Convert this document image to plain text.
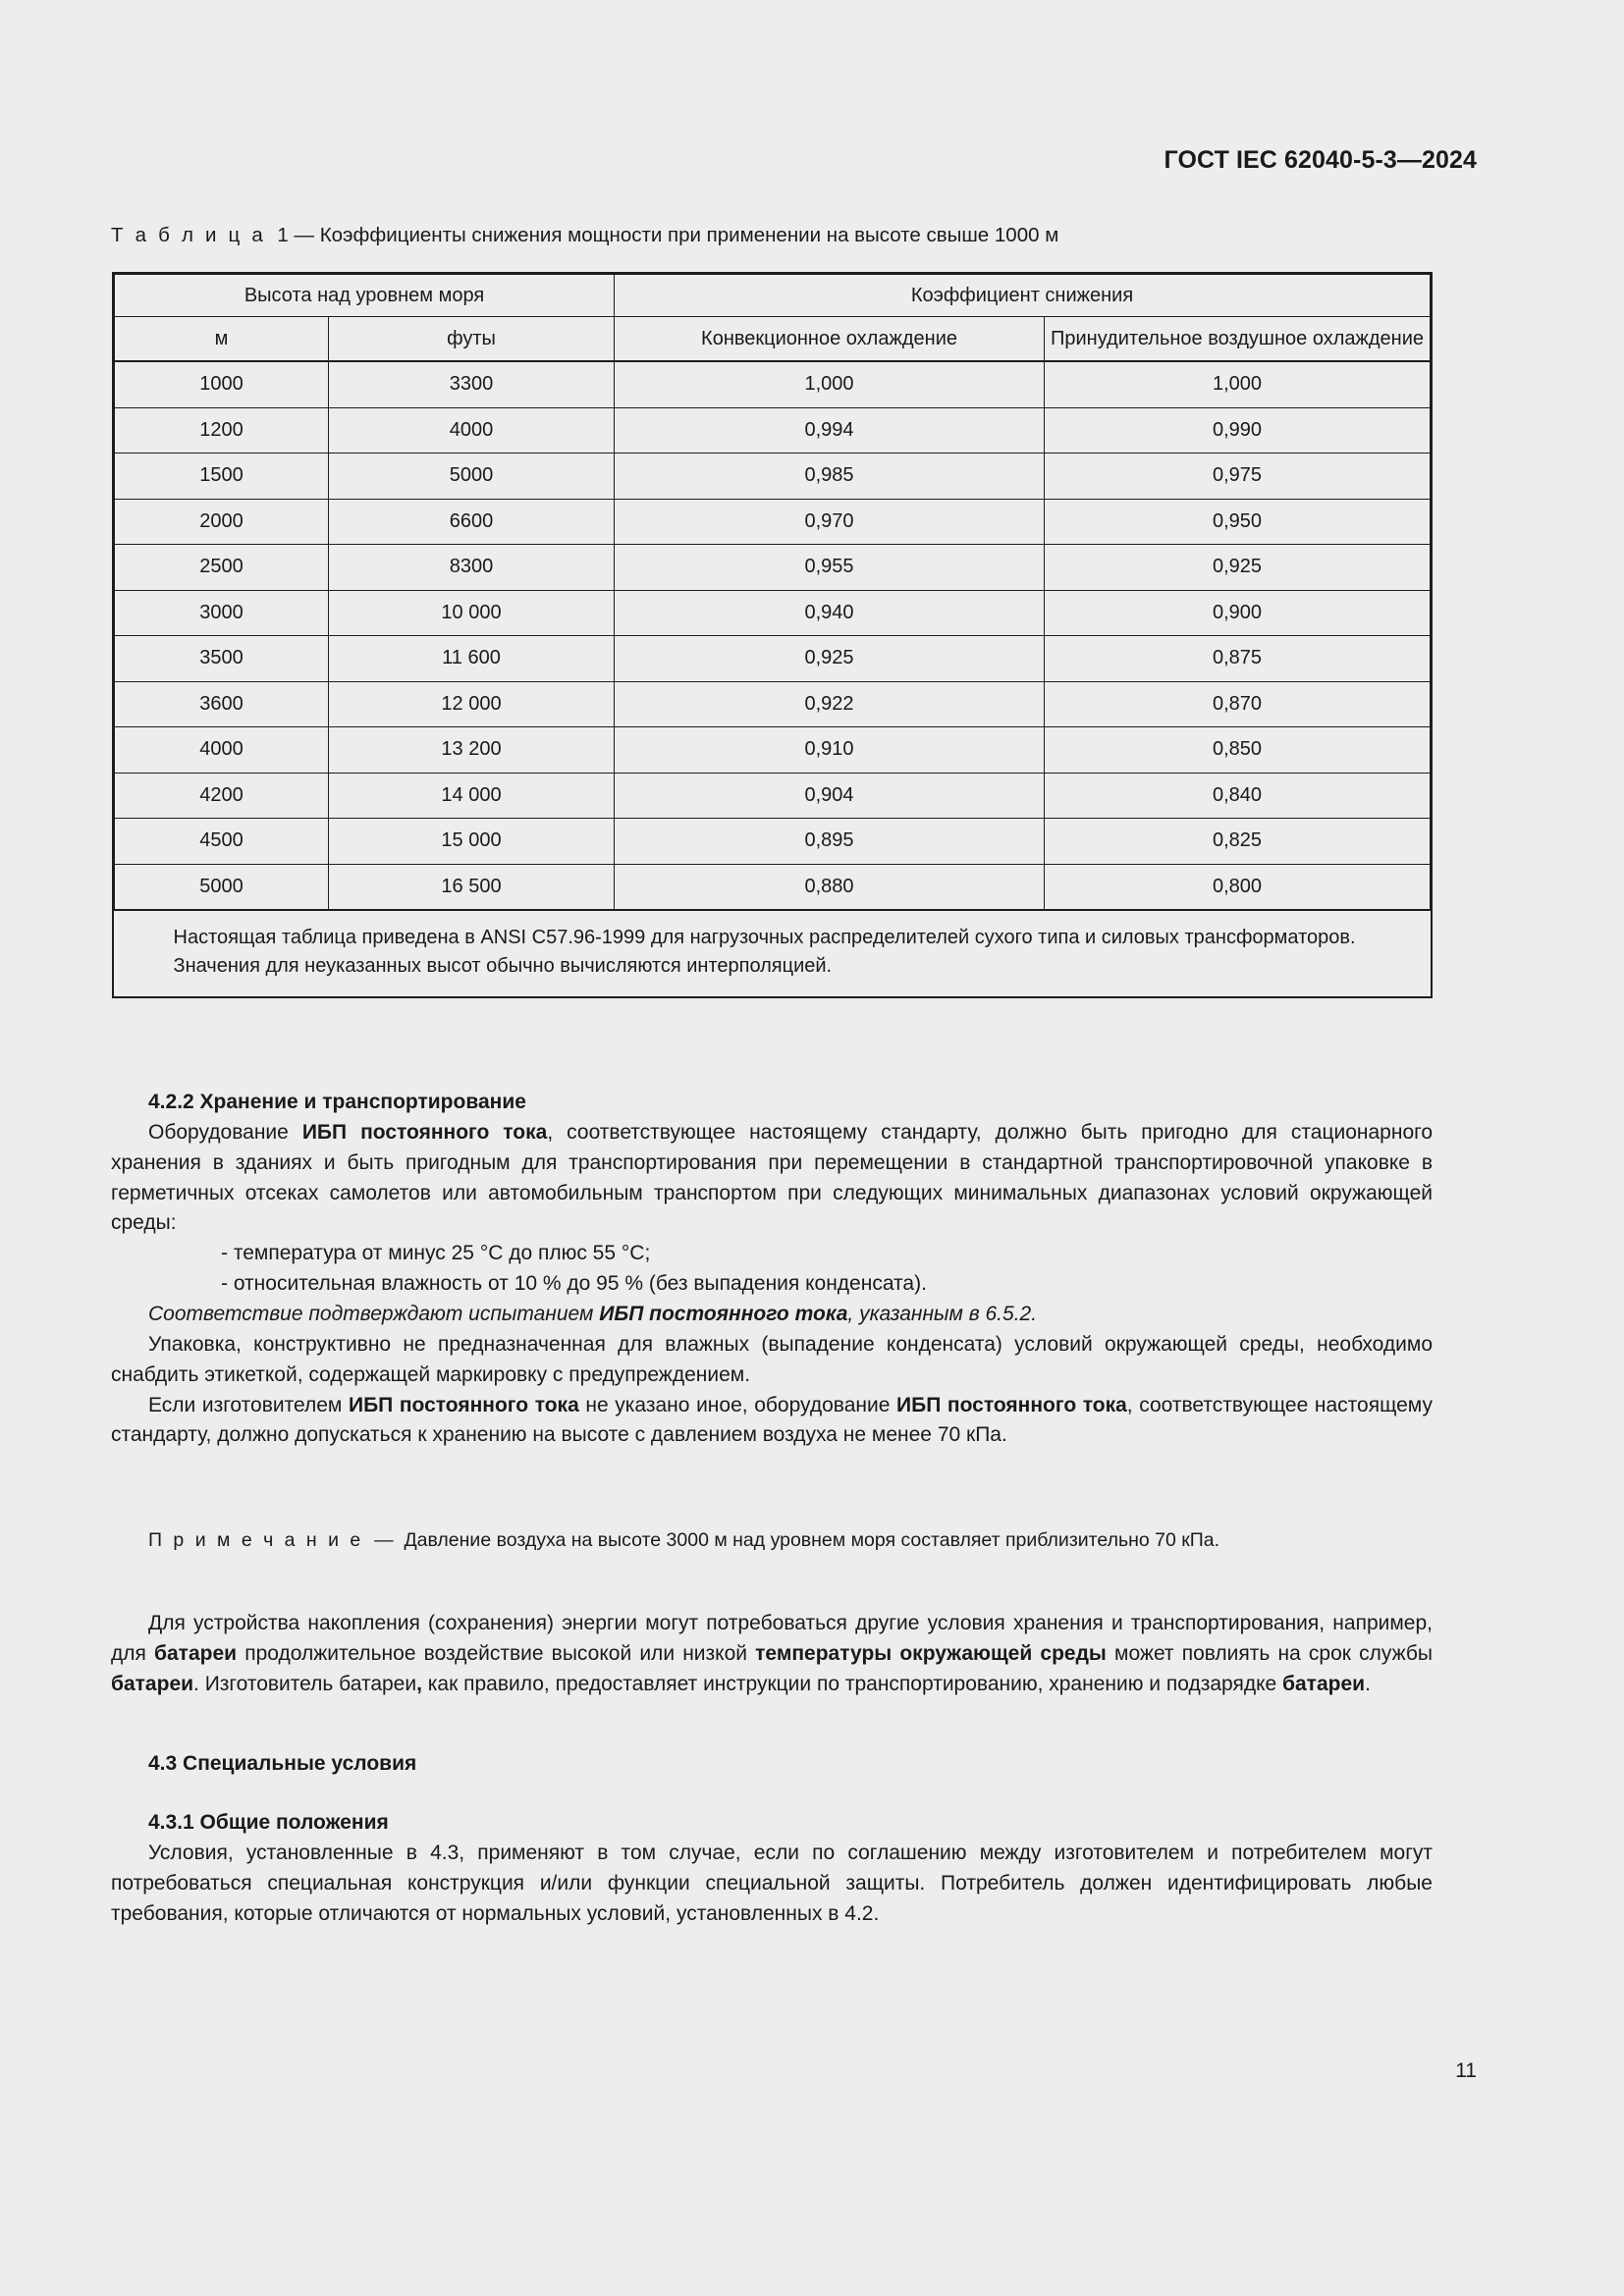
ГОСТ IEC 62040-5-3—2024
Т а б л и ц а 1 — Коэффициенты снижения мощности при применении на высоте свыше 1000 м
Высота над уровнем моря		Коэффициент снижения	
м	футы	Конвекционное охлаждение	Принудительное воздушное охлаждение
1000	3300	1,000	1,000
1200	4000	0,994	0,990
1500	5000	0,985	0,975
2000	6600	0,970	0,950
2500	8300	0,955	0,925
3000	10 000	0,940	0,900
3500	11 600	0,925	0,875
3600	12 000	0,922	0,870
4000	13 200	0,910	0,850
4200	14 000	0,904	0,840
4500	15 000	0,895	0,825
5000	16 500	0,880	0,800

Настоящая таблица приведена в ANSI C57.96-1999 для нагрузочных распределителей сухого типа и силовых трансформаторов.

Значения для неуказанных высот обычно вычисляются интерполяцией.			

4.2.2 Хранение и транспортирование

Оборудование ИБП постоянного тока, соответствующее настоящему стандарту, должно быть пригодно для стационарного хранения в зданиях и быть пригодным для транспортирования при перемещении в стандартной транспортировочной упаковке в герметичных отсеках самолетов или автомобильным транспортом при следующих минимальных диапазонах условий окружающей среды:

- температура от минус 25 °C до плюс 55 °C;

- относительная влажность от 10 % до 95 % (без выпадения конденсата).

Соответствие подтверждают испытанием ИБП постоянного тока, указанным в 6.5.2.

Упаковка, конструктивно не предназначенная для влажных (выпадение конденсата) условий окружающей среды, необходимо снабдить этикеткой, содержащей маркировку с предупреждением.

Если изготовителем ИБП постоянного тока не указано иное, оборудование ИБП постоянного тока, соответствующее настоящему стандарту, должно допускаться к хранению на высоте с давлением воздуха не менее 70 кПа.

П р и м е ч а н и е — Давление воздуха на высоте 3000 м над уровнем моря составляет приблизительно 70 кПа.

Для устройства накопления (сохранения) энергии могут потребоваться другие условия хранения и транспортирования, например, для батареи продолжительное воздействие высокой или низкой температуры окружающей среды может повлиять на срок службы батареи. Изготовитель батареи, как правило, предоставляет инструкции по транспортированию, хранению и подзарядке батареи.

4.3 Специальные условия
4.3.1 Общие положения

Условия, установленные в 4.3, применяют в том случае, если по соглашению между изготовителем и потребителем могут потребоваться специальная конструкция и/или функции специальной защиты. Потребитель должен идентифицировать любые требования, которые отличаются от нормальных условий, установленных в 4.2.

11
